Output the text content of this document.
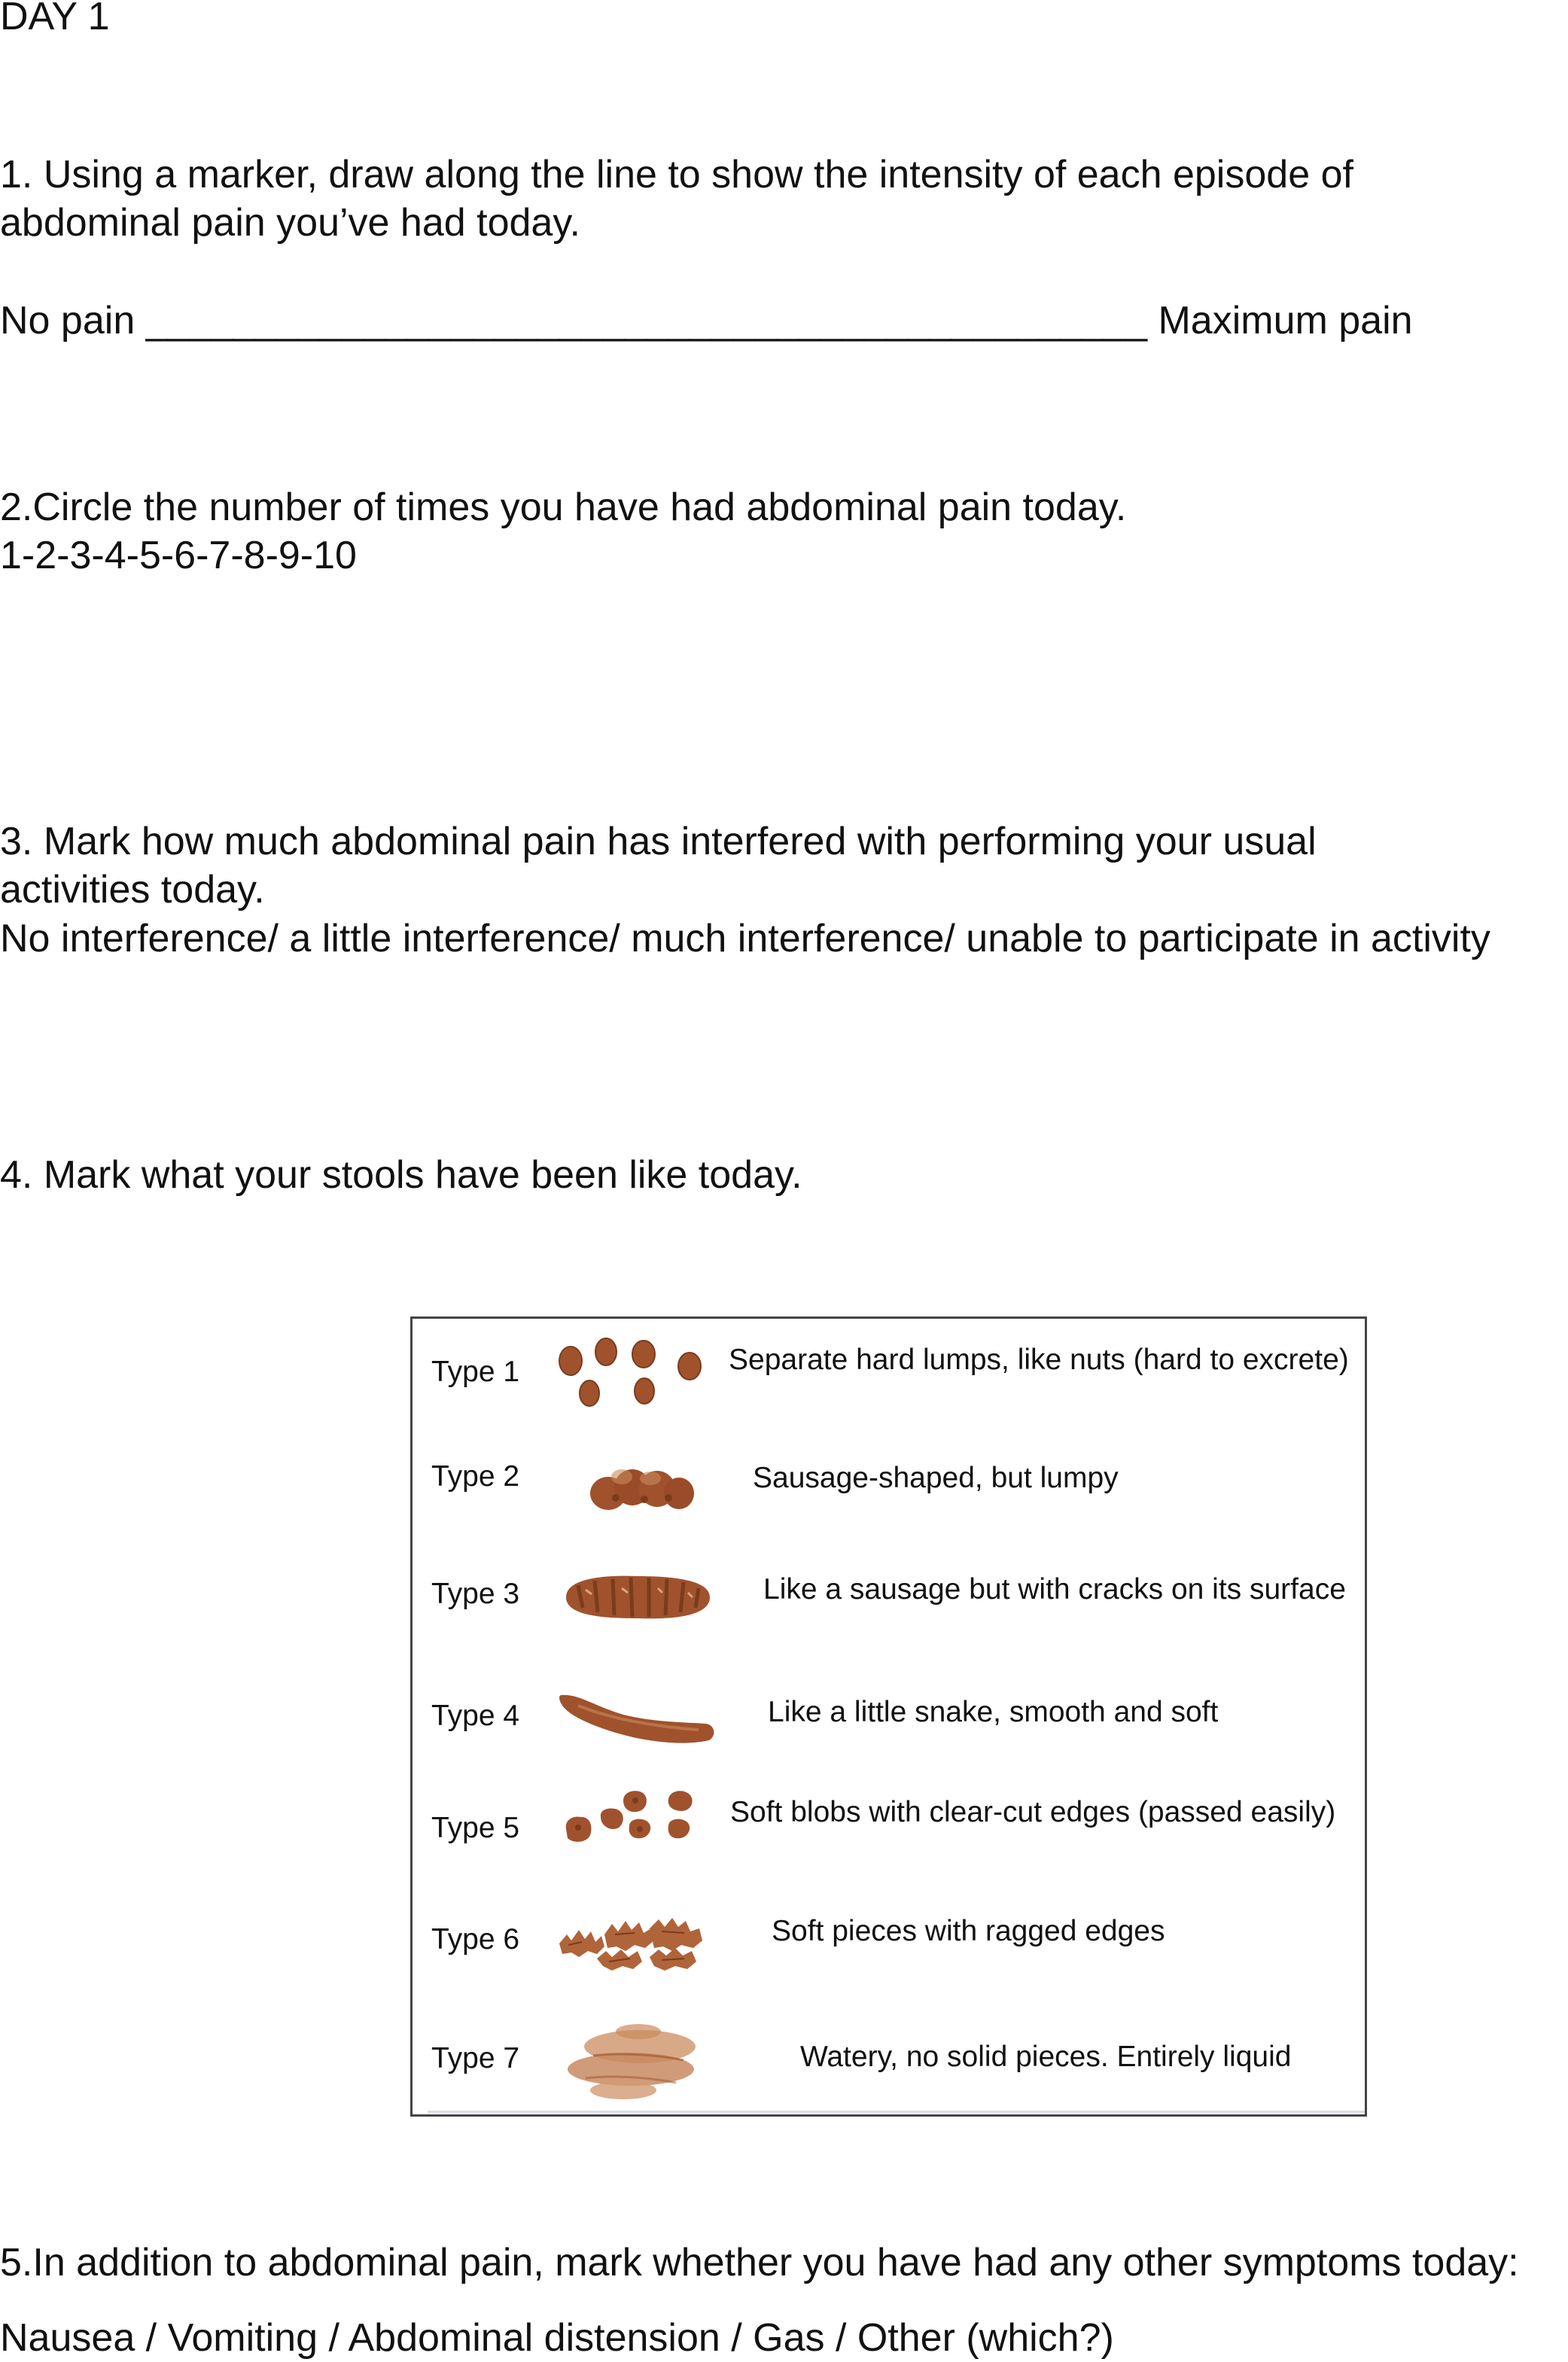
DAY 1
1. Using a marker, draw along the line to show the intensity of each episode of
abdominal pain you’ve had today.
No pain ______________________________________________ Maximum pain
2.Circle the number of times you have had abdominal pain today.
1-2-3-4-5-6-7-8-9-10
3. Mark how much abdominal pain has interfered with performing your usual
activities today.
No interference/ a little interference/ much interference/ unable to participate in activity
4. Mark what your stools have been like today.
Type 1	Separate hard lumps, like nuts (hard to excrete)
Type 2	Sausage-shaped, but lumpy
Type 3	Like a sausage but with cracks on its surface
Type 4	Like a little snake, smooth and soft
Type 5	Soft blobs with clear-cut edges (passed easily)
Type 6	Soft pieces with ragged edges
Type 7	Watery, no solid pieces. Entirely liquid
5.In addition to abdominal pain, mark whether you have had any other symptoms today:
Nausea / Vomiting / Abdominal distension / Gas / Other (which?)
